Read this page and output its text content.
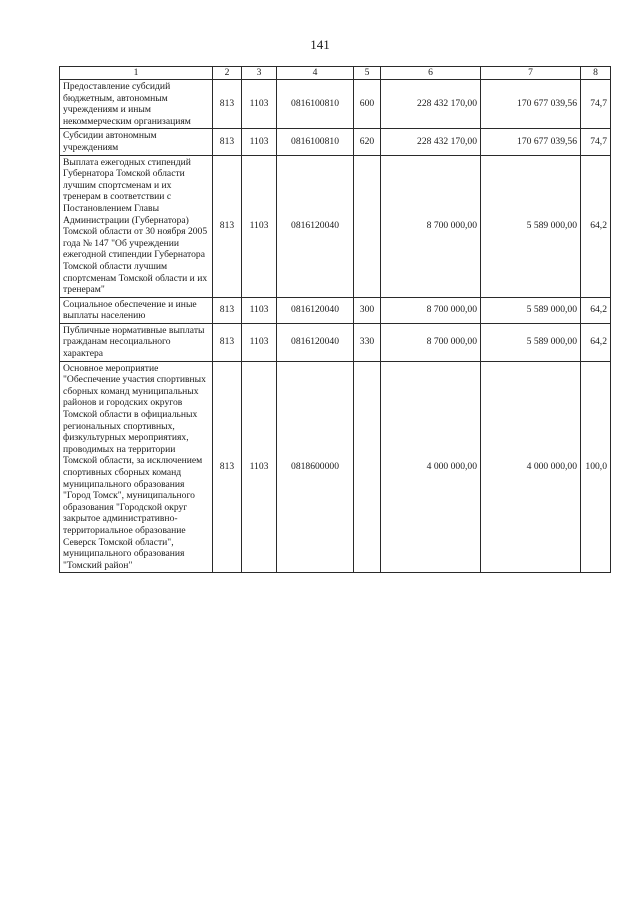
141
1	2	3	4	5	6	7	8
Предоставление субсидий бюджетным, автономным учреждениям и иным некоммерческим организациям	813	1103	0816100810	600	228 432 170,00	170 677 039,56	74,7
Субсидии автономным учреждениям	813	1103	0816100810	620	228 432 170,00	170 677 039,56	74,7
Выплата ежегодных стипендий Губернатора Томской области лучшим спортсменам и их тренерам в соответствии с Постановлением Главы Администрации (Губернатора) Томской области от 30 ноября 2005 года № 147 "Об учреждении ежегодной стипендии Губернатора Томской области лучшим спортсменам Томской области и их тренерам"	813	1103	0816120040		8 700 000,00	5 589 000,00	64,2
Социальное обеспечение и иные выплаты населению	813	1103	0816120040	300	8 700 000,00	5 589 000,00	64,2
Публичные нормативные выплаты гражданам несоциального характера	813	1103	0816120040	330	8 700 000,00	5 589 000,00	64,2
Основное мероприятие "Обеспечение участия спортивных сборных команд муниципальных районов и городских округов Томской области в официальных региональных спортивных, физкультурных мероприятиях, проводимых на территории Томской области, за исключением спортивных сборных команд муниципального образования "Город Томск", муниципального образования "Городской округ закрытое административно-территориальное образование Северск Томской области", муниципального образования "Томский район"	813	1103	0818600000		4 000 000,00	4 000 000,00	100,0
